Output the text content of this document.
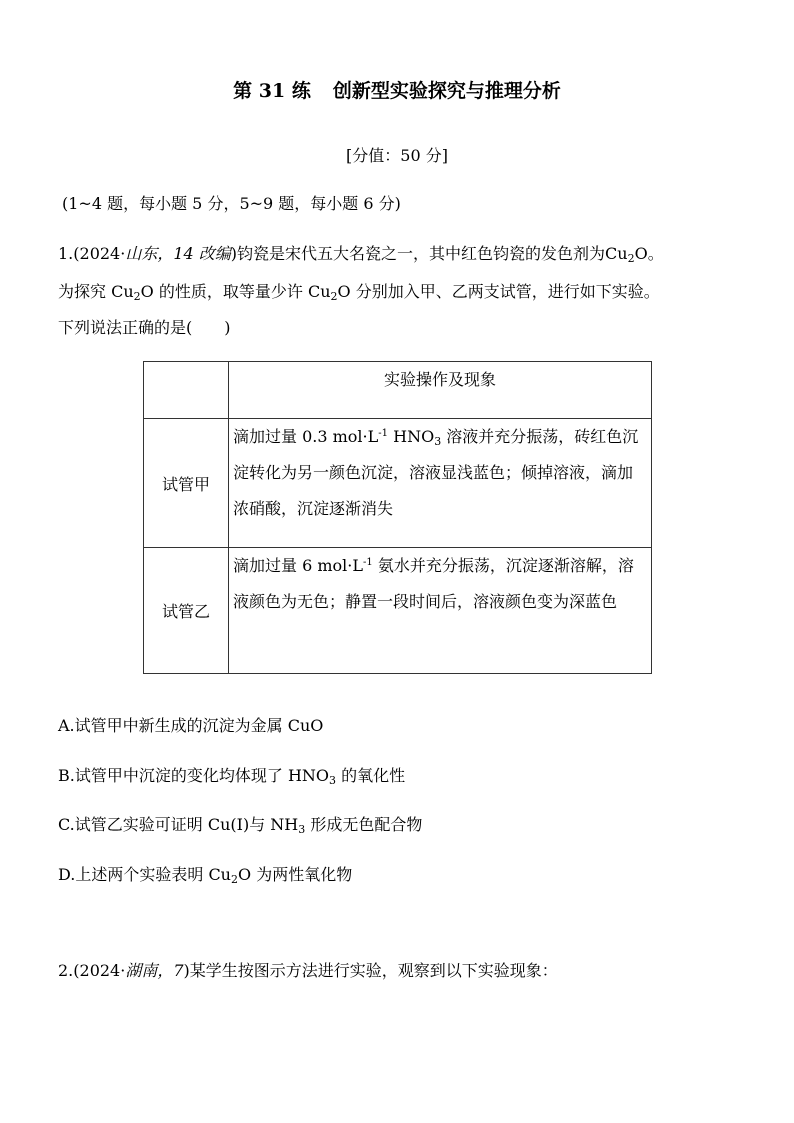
第 31 练 创新型实验探究与推理分析
[分值：50 分]
(1~4 题，每小题 5 分，5~9 题，每小题 6 分)
1.(2024·山东，14 改编)钧瓷是宋代五大名瓷之一，其中红色钧瓷的发色剂为$Cu_2O$。
为探究 $Cu_2O$ 的性质，取等量少许 $Cu_2O$ 分别加入甲、乙两支试管，进行如下实验。
下列说法正确的是(　　)
	实验操作及现象
试管甲	滴加过量 0.3 $mol\cdot L^{-1}$ $HNO_3$ 溶液并充分振荡，砖红色沉淀转化为另一颜色沉淀，溶液显浅蓝色；倾掉溶液，滴加浓硝酸，沉淀逐渐消失
试管乙	滴加过量 6 $mol\cdot L^{-1}$ 氨水并充分振荡，沉淀逐渐溶解，溶液颜色为无色；静置一段时间后，溶液颜色变为深蓝色
A.试管甲中新生成的沉淀为金属 CuO
B.试管甲中沉淀的变化均体现了 $HNO_3$ 的氧化性
C.试管乙实验可证明 Cu(Ⅰ)与 $NH_3$ 形成无色配合物
D.上述两个实验表明 $Cu_2O$ 为两性氧化物
2.(2024·湖南，7)某学生按图示方法进行实验，观察到以下实验现象：
